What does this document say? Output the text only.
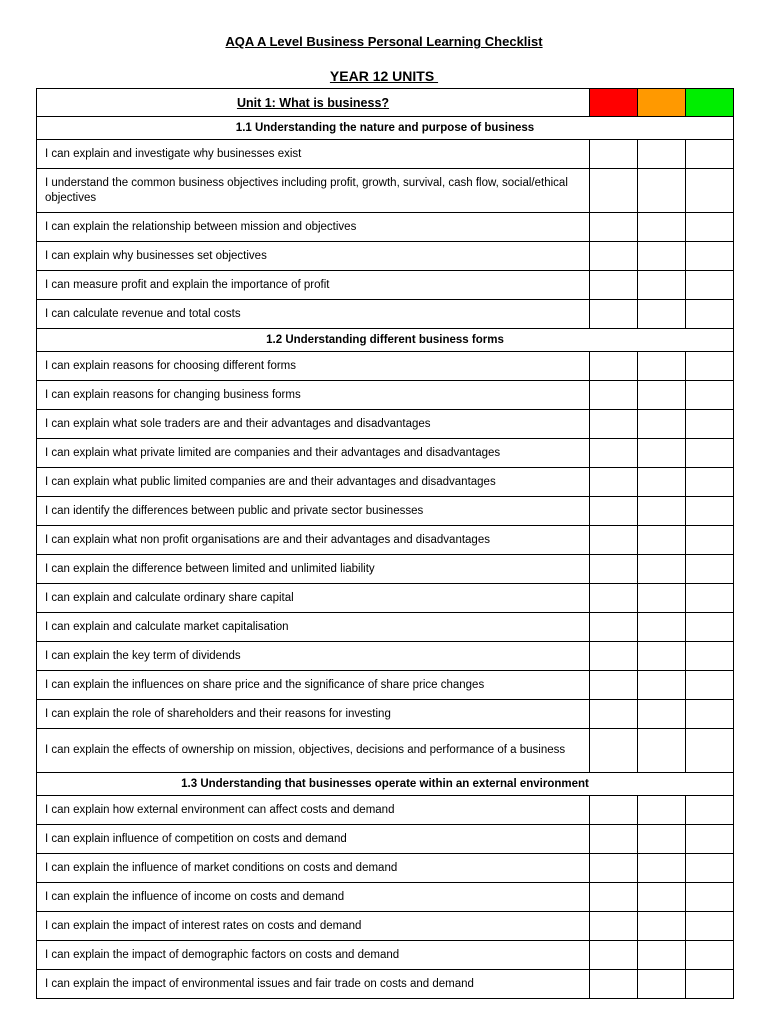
AQA A Level Business Personal Learning Checklist
YEAR 12 UNITS
Unit 1: What is business?			
1.1 Understanding the nature and purpose of business			
I can explain and investigate why businesses exist			
I understand the common business objectives including profit, growth, survival, cash flow, social/ethical objectives			
I can explain the relationship between mission and objectives			
I can explain why businesses set objectives			
I can measure profit and explain the importance of profit			
I can calculate revenue and total costs			
1.2 Understanding different business forms			
I can explain reasons for choosing different forms			
I can explain reasons for changing business forms			
I can explain what sole traders are and their advantages and disadvantages			
I can explain what private limited are companies and their advantages and disadvantages			
I can explain what public limited companies are and their advantages and disadvantages			
I can identify the differences between public and private sector businesses			
I can explain what non profit organisations are and their advantages and disadvantages			
I can explain the difference between limited and unlimited liability			
I can explain and calculate ordinary share capital			
I can explain and calculate market capitalisation			
I can explain the key term of dividends			
I can explain the influences on share price and the significance of share price changes			
I can explain the role of shareholders and their reasons for investing			
I can explain the effects of ownership on mission, objectives, decisions and performance of a business			
1.3 Understanding that businesses operate within an external environment			
I can explain how external environment can affect costs and demand			
I can explain influence of competition on costs and demand			
I can explain the influence of market conditions on costs and demand			
I can explain the influence of income on costs and demand			
I can explain the impact of interest rates on costs and demand			
I can explain the impact of demographic factors on costs and demand			
I can explain the impact of environmental issues and fair trade on costs and demand			
